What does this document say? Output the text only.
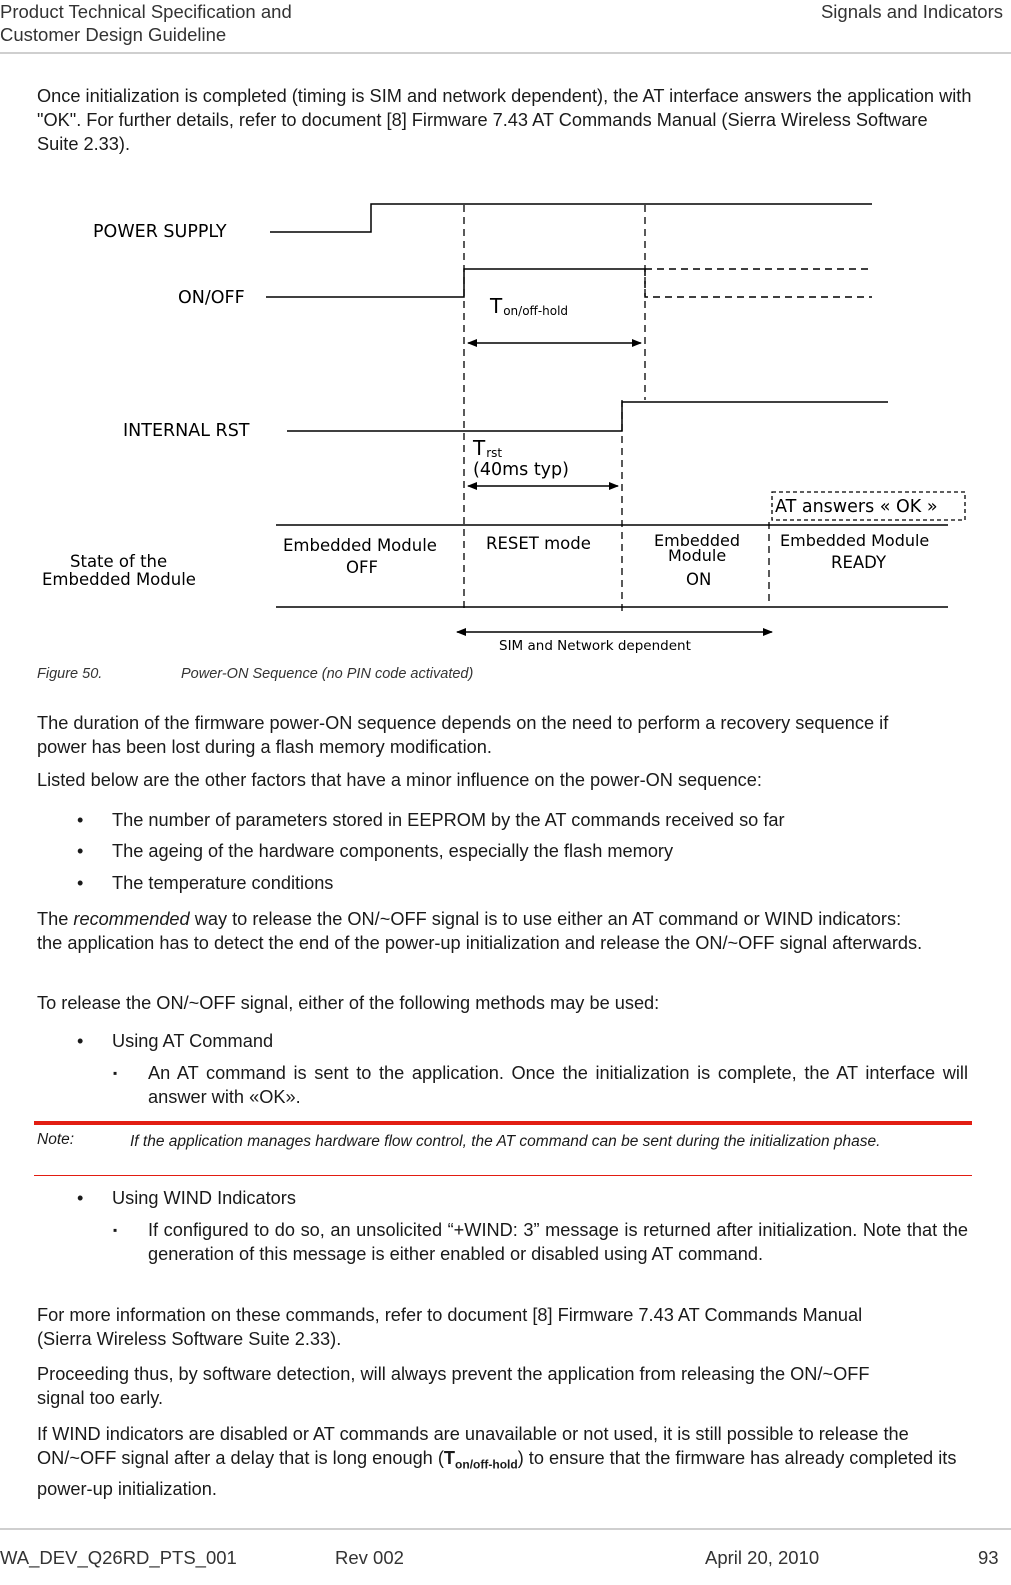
Product Technical Specification and
Customer Design Guideline
Signals and Indicators

Once initialization is completed (timing is SIM and network dependent), the AT interface answers the application with "OK". For further details, refer to document [8] Firmware 7.43 AT Commands Manual (Sierra Wireless Software Suite 2.33).

POWER SUPPLY
ON/OFF	Ton/off-hold
INTERNAL RST
Trst
(40ms typ)
AT answers « OK »
State of the
Embedded Module
Embedded Module
OFF
RESET mode	Embedded
Module
ON
Embedded Module
READY
SIM and Network dependent
Figure 50.	Power-ON Sequence (no PIN code activated)

The duration of the firmware power-ON sequence depends on the need to perform a recovery sequence if power has been lost during a flash memory modification.

Listed below are the other factors that have a minor influence on the power-ON sequence:

• The number of parameters stored in EEPROM by the AT commands received so far
• The ageing of the hardware components, especially the flash memory
• The temperature conditions

The recommended way to release the ON/~OFF signal is to use either an AT command or WIND indicators: the application has to detect the end of the power-up initialization and release the ON/~OFF signal afterwards.

To release the ON/~OFF signal, either of the following methods may be used:

• Using AT Command
▪ An AT command is sent to the application. Once the initialization is complete, the AT interface will answer with «OK».
Note:	If the application manages hardware flow control, the AT command can be sent during the initialization phase.
• Using WIND Indicators
▪ If configured to do so, an unsolicited “+WIND: 3” message is returned after initialization. Note that the generation of this message is either enabled or disabled using AT command.

For more information on these commands, refer to document [8] Firmware 7.43 AT Commands Manual (Sierra Wireless Software Suite 2.33).

Proceeding thus, by software detection, will always prevent the application from releasing the ON/~OFF signal too early.

If WIND indicators are disabled or AT commands are unavailable or not used, it is still possible to release the ON/~OFF signal after a delay that is long enough $(T_{on/off-hold})$ to ensure that the firmware has already completed its power-up initialization.

WA_DEV_Q26RD_PTS_001	Rev 002	April 20, 2010	93
